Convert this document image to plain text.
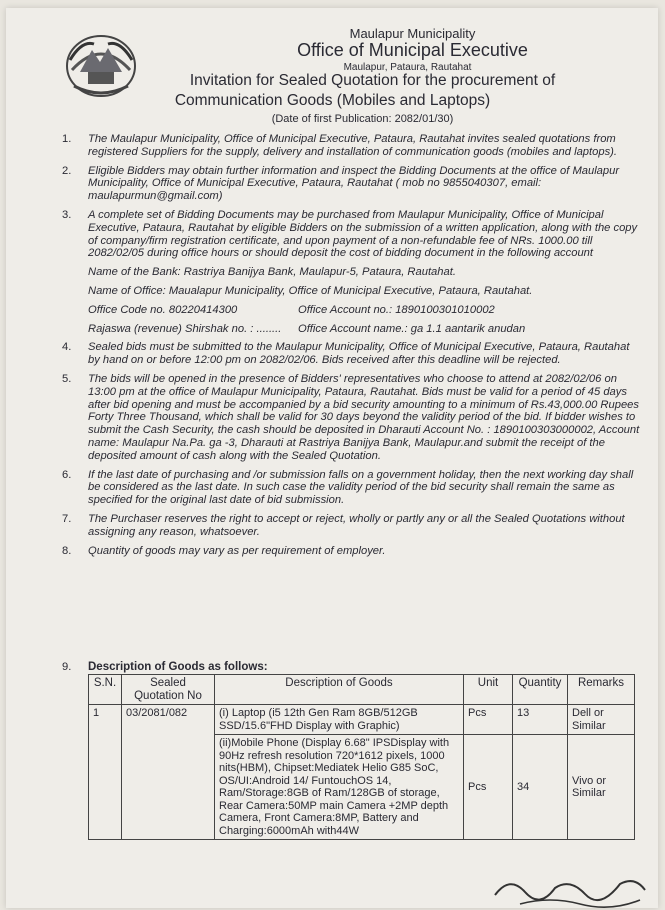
Maulapur Municipality
Office of Municipal Executive
Maulapur, Pataura, Rautahat
Invitation for Sealed Quotation for the procurement of
Communication Goods (Mobiles and Laptops)
(Date of first Publication: 2082/01/30)
1. The Maulapur Municipality, Office of Municipal Executive, Pataura, Rautahat invites sealed quotations from registered Suppliers for the supply, delivery and installation of communication goods (mobiles and laptops).
2. Eligible Bidders may obtain further information and inspect the Bidding Documents at the office of Maulapur Municipality, Office of Municipal Executive, Pataura, Rautahat ( mob no 9855040307, email: maulapurmun@gmail.com)
3. A complete set of Bidding Documents may be purchased from Maulapur Municipality, Office of Municipal Executive, Pataura, Rautahat by eligible Bidders on the submission of a written application, along with the copy of company/firm registration certificate, and upon payment of a non-refundable fee of NRs. 1000.00 till 2082/02/05 during office hours or should deposit the cost of bidding document in the following account
Name of the Bank: Rastriya Banijya Bank, Maulapur-5, Pataura, Rautahat.
Name of Office: Maualapur Municipality, Office of Municipal Executive, Pataura, Rautahat.
Office Code no. 80220414300	Office Account no.: 1890100301010002
Rajaswa (revenue) Shirshak no. : ........	Office Account name.: ga 1.1 aantarik anudan
4. Sealed bids must be submitted to the Maulapur Municipality, Office of Municipal Executive, Pataura, Rautahat by hand on or before 12:00 pm on 2082/02/06. Bids received after this deadline will be rejected.
5. The bids will be opened in the presence of Bidders' representatives who choose to attend at 2082/02/06 on 13:00 pm at the office of Maulapur Municipality, Pataura, Rautahat. Bids must be valid for a period of 45 days after bid opening and must be accompanied by a bid security amounting to a minimum of Rs.43,000.00 Rupees Forty Three Thousand, which shall be valid for 30 days beyond the validity period of the bid. If bidder wishes to submit the Cash Security, the cash should be deposited in Dharauti Account No. : 1890100303000002, Account name: Maulapur Na.Pa. ga -3, Dharauti at Rastriya Banijya Bank, Maulapur.and submit the receipt of the deposited amount of cash along with the Sealed Quotation.
6. If the last date of purchasing and /or submission falls on a government holiday, then the next working day shall be considered as the last date. In such case the validity period of the bid security shall remain the same as specified for the original last date of bid submission.
7. The Purchaser reserves the right to accept or reject, wholly or partly any or all the Sealed Quotations without assigning any reason, whatsoever.
8. Quantity of goods may vary as per requirement of employer.
9. Description of Goods as follows:
S.N.	Sealed Quotation No	Description of Goods	Unit	Quantity	Remarks
1	03/2081/082	(i) Laptop (i5 12th Gen Ram 8GB/512GB SSD/15.6"FHD Display with Graphic)	Pcs	13	Dell or Similar
		(ii)Mobile Phone (Display 6.68" IPSDisplay with 90Hz refresh resolution 720*1612 pixels, 1000 nits(HBM), Chipset:Mediatek Helio G85 SoC, OS/UI:Android 14/ FuntouchOS 14, Ram/Storage:8GB of Ram/128GB of storage, Rear Camera:50MP main Camera +2MP depth Camera, Front Camera:8MP, Battery and Charging:6000mAh with44W	Pcs	34	Vivo or Similar
